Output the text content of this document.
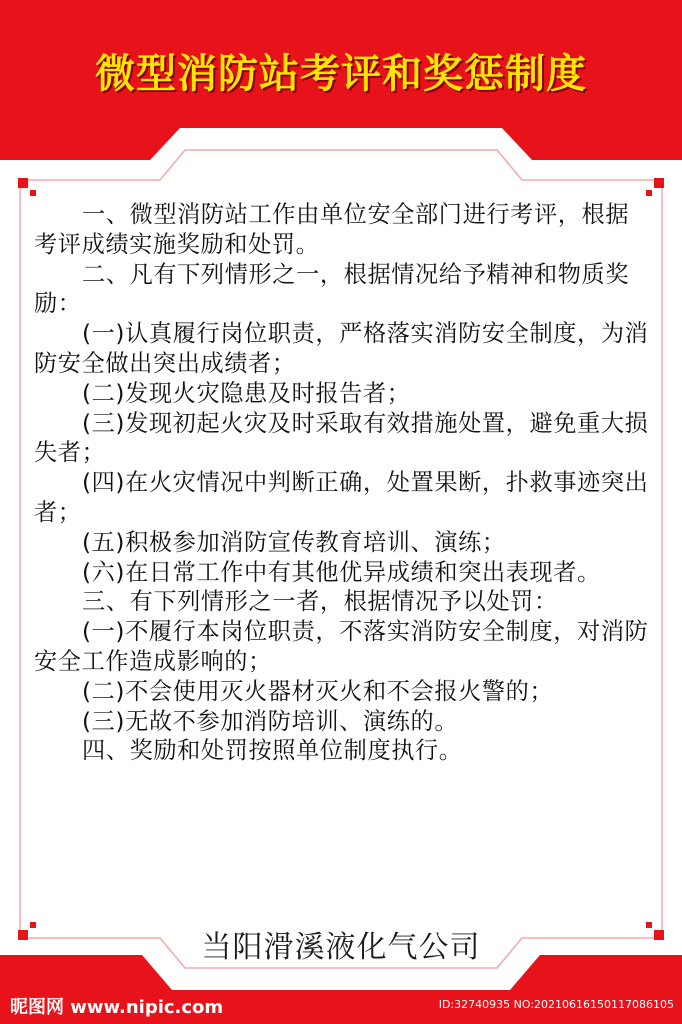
微型消防站考评和奖惩制度

一、微型消防站工作由单位安全部门进行考评，根据考评成绩实施奖励和处罚。

二、凡有下列情形之一，根据情况给予精神和物质奖励：

(一)认真履行岗位职责，严格落实消防安全制度，为消防安全做出突出成绩者；

(二)发现火灾隐患及时报告者；

(三)发现初起火灾及时采取有效措施处置，避免重大损失者；

(四)在火灾情况中判断正确，处置果断，扑救事迹突出者；

(五)积极参加消防宣传教育培训、演练；

(六)在日常工作中有其他优异成绩和突出表现者。

三、有下列情形之一者，根据情况予以处罚：

(一)不履行本岗位职责，不落实消防安全制度，对消防安全工作造成影响的；

(二)不会使用灭火器材灭火和不会报火警的；

(三)无故不参加消防培训、演练的。

四、奖励和处罚按照单位制度执行。

当阳滑溪液化气公司
昵图网 www.nipic.com	ID:32740935 NO:20210616150117086105
